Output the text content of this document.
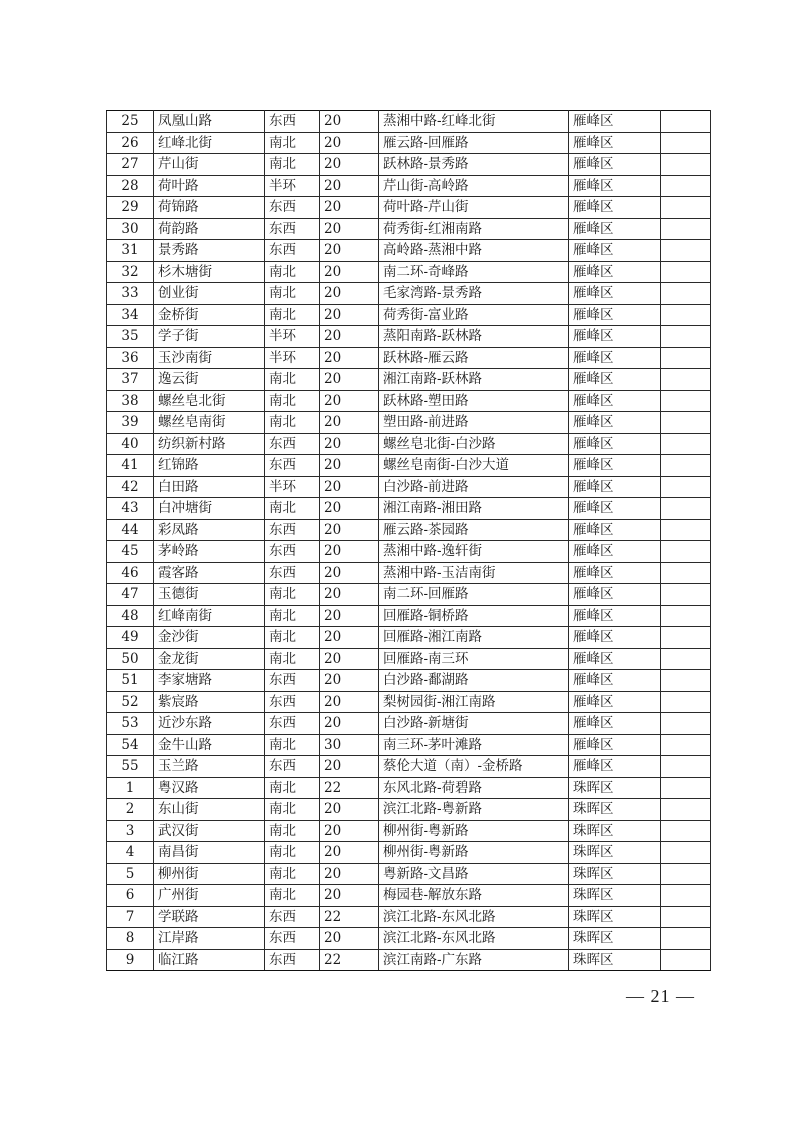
25	凤凰山路	东西	20	蒸湘中路-红峰北街	雁峰区	
26	红峰北街	南北	20	雁云路-回雁路	雁峰区	
27	芹山街	南北	20	跃林路-景秀路	雁峰区	
28	荷叶路	半环	20	芹山街-高岭路	雁峰区	
29	荷锦路	东西	20	荷叶路-芹山街	雁峰区	
30	荷韵路	东西	20	荷秀街-红湘南路	雁峰区	
31	景秀路	东西	20	高岭路-蒸湘中路	雁峰区	
32	杉木塘街	南北	20	南二环-奇峰路	雁峰区	
33	创业街	南北	20	毛家湾路-景秀路	雁峰区	
34	金桥街	南北	20	荷秀街-富业路	雁峰区	
35	学子街	半环	20	蒸阳南路-跃林路	雁峰区	
36	玉沙南街	半环	20	跃林路-雁云路	雁峰区	
37	逸云街	南北	20	湘江南路-跃林路	雁峰区	
38	螺丝皂北街	南北	20	跃林路-塑田路	雁峰区	
39	螺丝皂南街	南北	20	塑田路-前进路	雁峰区	
40	纺织新村路	东西	20	螺丝皂北街-白沙路	雁峰区	
41	红锦路	东西	20	螺丝皂南街-白沙大道	雁峰区	
42	白田路	半环	20	白沙路-前进路	雁峰区	
43	白冲塘街	南北	20	湘江南路-湘田路	雁峰区	
44	彩凤路	东西	20	雁云路-茶园路	雁峰区	
45	茅岭路	东西	20	蒸湘中路-逸轩街	雁峰区	
46	霞客路	东西	20	蒸湘中路-玉洁南街	雁峰区	
47	玉德街	南北	20	南二环-回雁路	雁峰区	
48	红峰南街	南北	20	回雁路-铜桥路	雁峰区	
49	金沙街	南北	20	回雁路-湘江南路	雁峰区	
50	金龙街	南北	20	回雁路-南三环	雁峰区	
51	李家塘路	东西	20	白沙路-鄱湖路	雁峰区	
52	紫宸路	东西	20	梨树园街-湘江南路	雁峰区	
53	近沙东路	东西	20	白沙路-新塘街	雁峰区	
54	金牛山路	南北	30	南三环-茅叶滩路	雁峰区	
55	玉兰路	东西	20	蔡伦大道（南）-金桥路	雁峰区	
1	粤汉路	南北	22	东风北路-荷碧路	珠晖区	
2	东山街	南北	20	滨江北路-粤新路	珠晖区	
3	武汉街	南北	20	柳州街-粤新路	珠晖区	
4	南昌街	南北	20	柳州街-粤新路	珠晖区	
5	柳州街	南北	20	粤新路-文昌路	珠晖区	
6	广州街	南北	20	梅园巷-解放东路	珠晖区	
7	学联路	东西	22	滨江北路-东风北路	珠晖区	
8	江岸路	东西	20	滨江北路-东风北路	珠晖区	
9	临江路	东西	22	滨江南路-广东路	珠晖区	
— 21 —
